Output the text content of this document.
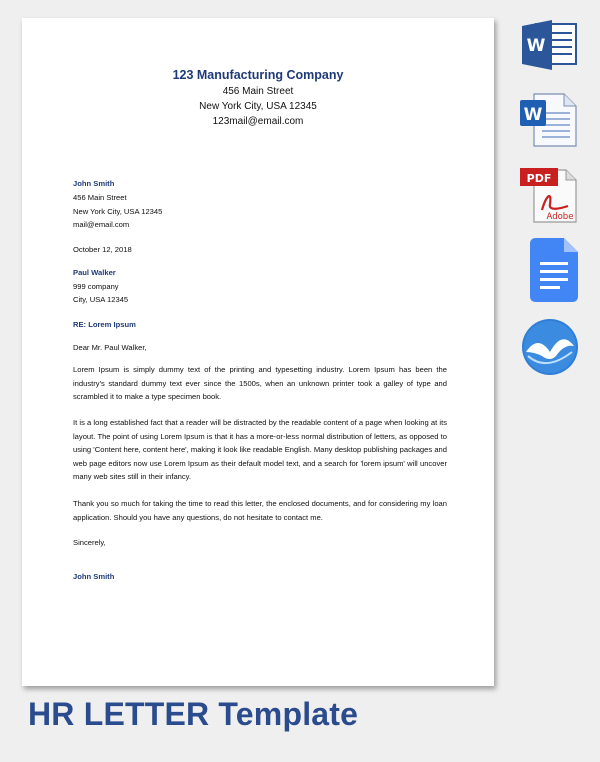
123 Manufacturing Company
456 Main Street
New York City, USA 12345
123mail@email.com
John Smith
456 Main Street
New York City, USA 12345
mail@email.com
October 12, 2018
Paul Walker
999 company
City, USA 12345
RE: Lorem Ipsum
Dear Mr. Paul Walker,
Lorem Ipsum is simply dummy text of the printing and typesetting industry. Lorem Ipsum has been the industry's standard dummy text ever since the 1500s, when an unknown printer took a galley of type and scrambled it to make a type specimen book.
It is a long established fact that a reader will be distracted by the readable content of a page when looking at its layout. The point of using Lorem Ipsum is that it has a more-or-less normal distribution of letters, as opposed to using 'Content here, content here', making it look like readable English. Many desktop publishing packages and web page editors now use Lorem Ipsum as their default model text, and a search for 'lorem ipsum' will uncover many web sites still in their infancy.
Thank you so much for taking the time to read this letter, the enclosed documents, and for considering my loan application. Should you have any questions, do not hesitate to contact me.
Sincerely,
John Smith
W
W
PDF
Adobe
HR LETTER Template
